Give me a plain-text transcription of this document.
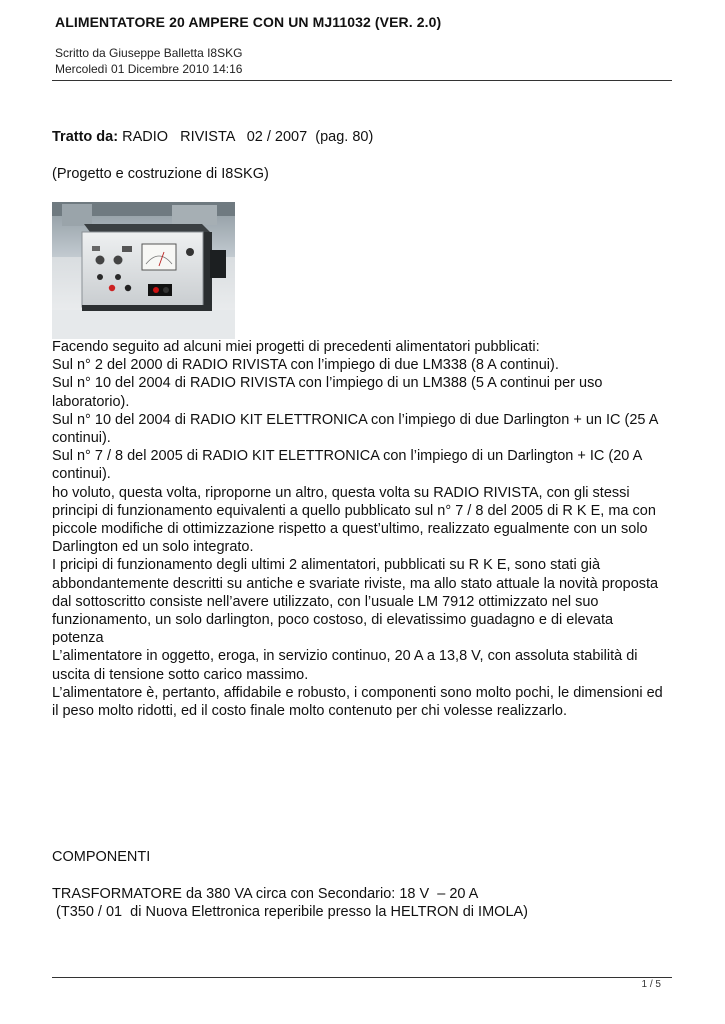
ALIMENTATORE 20 AMPERE CON UN MJ11032 (VER. 2.0)
Scritto da Giuseppe Balletta I8SKG
Mercoledì 01 Dicembre 2010 14:16
Tratto da: RADIO   RIVISTA   02 / 2007  (pag. 80)
(Progetto e costruzione di I8SKG)

Facendo seguito ad alcuni miei progetti di precedenti alimentatori pubblicati:

Sul n° 2 del 2000 di RADIO RIVISTA con l’impiego di due LM338 (8 A continui).

Sul n° 10 del 2004 di RADIO RIVISTA con l’impiego di un LM388 (5 A continui per uso

laboratorio).

Sul n° 10 del 2004 di RADIO KIT ELETTRONICA con l’impiego di due Darlington + un IC (25 A

continui).

Sul n° 7 / 8 del 2005 di RADIO KIT ELETTRONICA con l’impiego di un Darlington + IC (20 A

continui).

ho voluto, questa volta, riproporne un altro, questa volta su RADIO RIVISTA, con gli stessi

principi di funzionamento equivalenti a quello pubblicato sul n° 7 / 8 del 2005 di R K E, ma con

piccole modifiche di ottimizzazione rispetto a quest’ultimo, realizzato egualmente con un solo

Darlington ed un solo integrato.

I pricipi di funzionamento degli ultimi 2 alimentatori, pubblicati su R K E, sono stati già

abbondantemente descritti su antiche e svariate riviste, ma allo stato attuale la novità proposta

dal sottoscritto consiste nell’avere utilizzato, con l’usuale LM 7912 ottimizzato nel suo

funzionamento, un solo darlington, poco costoso, di elevatissimo guadagno e di elevata

potenza

L’alimentatore in oggetto, eroga, in servizio continuo, 20 A a 13,8 V, con assoluta stabilità di

uscita di tensione sotto carico massimo.

L’alimentatore è, pertanto, affidabile e robusto, i componenti sono molto pochi, le dimensioni ed

il peso molto ridotti, ed il costo finale molto contenuto per chi volesse realizzarlo.

COMPONENTI

TRASFORMATORE da 380 VA circa con Secondario: 18 V  – 20 A

(T350 / 01  di Nuova Elettronica reperibile presso la HELTRON di IMOLA)

1 / 5
